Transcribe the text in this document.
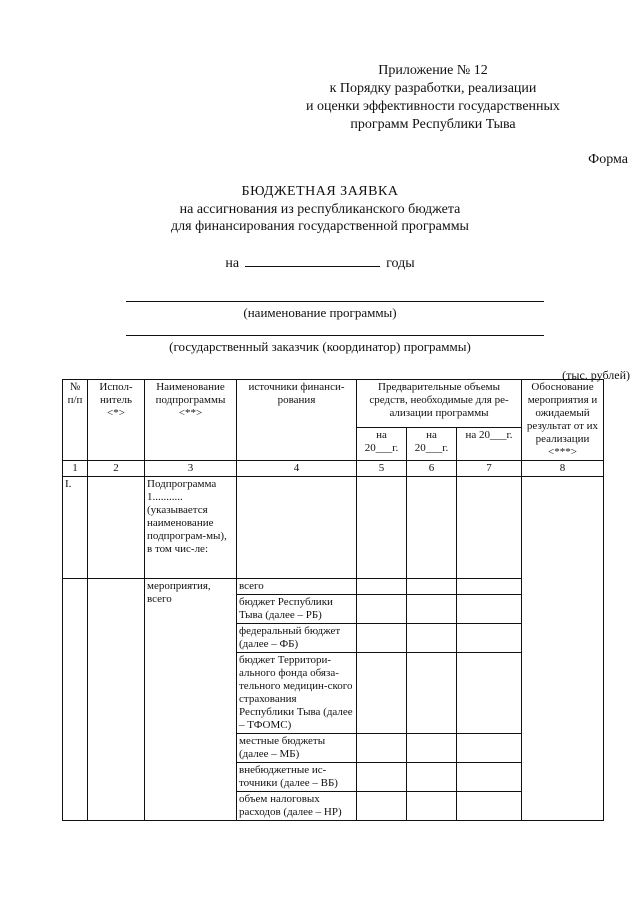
Приложение № 12
к Порядку разработки, реализации
и оценки эффективности государственных
программ Республики Тыва
Форма
БЮДЖЕТНАЯ ЗАЯВКА
на ассигнования из республиканского бюджета
для финансирования государственной программы
на	годы
(наименование программы)
(государственный заказчик (координатор) программы)
(тыс. рублей)
№ п/п	Испол-нитель <*>	Наименование подпрограммы <**>	источники финанси-рования	Предварительные объемы средств, необходимые для ре-ализации программы			Обоснование мероприятия и ожидаемый результат от их реализации <***>
				на 20___г.	на 20___г.	на 20___г.	
1	2	3	4	5	6	7	8
I.		Подпрограмма 1........... (указывается наименование подпрограм-мы), в том чис-ле:					
		мероприятия, всего	всего				
			бюджет Республики Тыва (далее – РБ)				
			федеральный бюджет (далее – ФБ)				
			бюджет Территори-ального фонда обяза-тельного медицин-ского страхования Республики Тыва (далее – ТФОМС)				
			местные бюджеты (далее – МБ)				
			внебюджетные ис-точники (далее – ВБ)				
			объем налоговых расходов (далее – НР)				
